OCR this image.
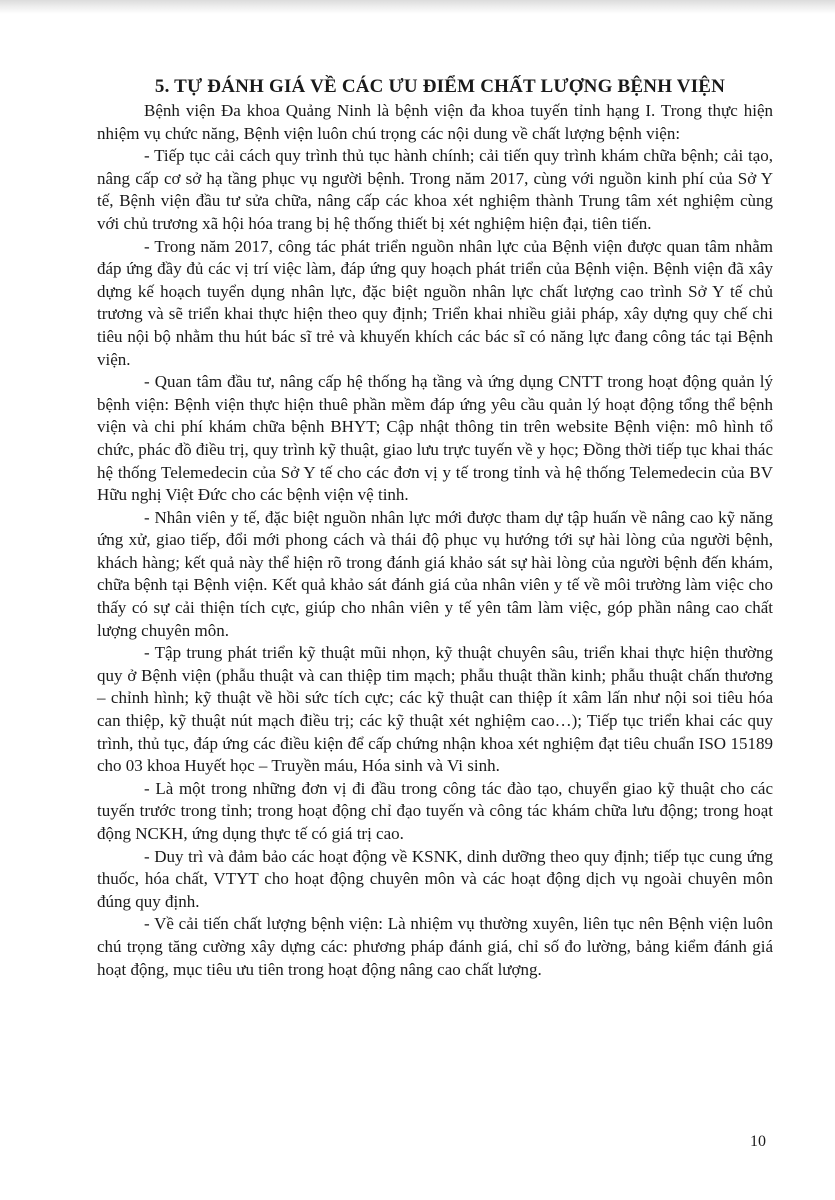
5. TỰ ĐÁNH GIÁ VỀ CÁC ƯU ĐIỂM CHẤT LƯỢNG BỆNH VIỆN

Bệnh viện Đa khoa Quảng Ninh là bệnh viện đa khoa tuyến tỉnh hạng I. Trong thực hiện nhiệm vụ chức năng, Bệnh viện luôn chú trọng các nội dung về chất lượng bệnh viện:

- Tiếp tục cải cách quy trình thủ tục hành chính; cải tiến quy trình khám chữa bệnh; cải tạo, nâng cấp cơ sở hạ tầng phục vụ người bệnh. Trong năm 2017, cùng với nguồn kinh phí của Sở Y tế, Bệnh viện đầu tư sửa chữa, nâng cấp các khoa xét nghiệm thành Trung tâm xét nghiệm cùng với chủ trương xã hội hóa trang bị hệ thống thiết bị xét nghiệm hiện đại, tiên tiến.

- Trong năm 2017, công tác phát triển nguồn nhân lực của Bệnh viện được quan tâm nhằm đáp ứng đầy đủ các vị trí việc làm, đáp ứng quy hoạch phát triển của Bệnh viện. Bệnh viện đã xây dựng kế hoạch tuyển dụng nhân lực, đặc biệt nguồn nhân lực chất lượng cao trình Sở Y tế chủ trương và sẽ triển khai thực hiện theo quy định; Triển khai nhiều giải pháp, xây dựng quy chế chi tiêu nội bộ nhằm thu hút bác sĩ trẻ và khuyến khích các bác sĩ có năng lực đang công tác tại Bệnh viện.

- Quan tâm đầu tư, nâng cấp hệ thống hạ tầng và ứng dụng CNTT trong hoạt động quản lý bệnh viện: Bệnh viện thực hiện thuê phần mềm đáp ứng yêu cầu quản lý hoạt động tổng thể bệnh viện và chi phí khám chữa bệnh BHYT; Cập nhật thông tin trên website Bệnh viện: mô hình tổ chức, phác đồ điều trị, quy trình kỹ thuật, giao lưu trực tuyến về y học; Đồng thời tiếp tục khai thác hệ thống Telemedecin của Sở Y tế cho các đơn vị y tế trong tỉnh và hệ thống Telemedecin của BV Hữu nghị Việt Đức cho các bệnh viện vệ tinh.

- Nhân viên y tế, đặc biệt nguồn nhân lực mới được tham dự tập huấn về nâng cao kỹ năng ứng xử, giao tiếp, đổi mới phong cách và thái độ phục vụ hướng tới sự hài lòng của người bệnh, khách hàng; kết quả này thể hiện rõ trong đánh giá khảo sát sự hài lòng của người bệnh đến khám, chữa bệnh tại Bệnh viện. Kết quả khảo sát đánh giá của nhân viên y tế về môi trường làm việc cho thấy có sự cải thiện tích cực, giúp cho nhân viên y tế yên tâm làm việc, góp phần nâng cao chất lượng chuyên môn.

- Tập trung phát triển kỹ thuật mũi nhọn, kỹ thuật chuyên sâu, triển khai thực hiện thường quy ở Bệnh viện (phẫu thuật và can thiệp tim mạch; phẫu thuật thần kinh; phẫu thuật chấn thương – chỉnh hình; kỹ thuật về hồi sức tích cực; các kỹ thuật can thiệp ít xâm lấn như nội soi tiêu hóa can thiệp, kỹ thuật nút mạch điều trị; các kỹ thuật xét nghiệm cao…); Tiếp tục triển khai các quy trình, thủ tục, đáp ứng các điều kiện để cấp chứng nhận khoa xét nghiệm đạt tiêu chuẩn ISO 15189 cho 03 khoa Huyết học – Truyền máu, Hóa sinh và Vi sinh.

- Là một trong những đơn vị đi đầu trong công tác đào tạo, chuyển giao kỹ thuật cho các tuyến trước trong tỉnh; trong hoạt động chỉ đạo tuyến và công tác khám chữa lưu động; trong hoạt động NCKH, ứng dụng thực tế có giá trị cao.

- Duy trì và đảm bảo các hoạt động về KSNK, dinh dưỡng theo quy định; tiếp tục cung ứng thuốc, hóa chất, VTYT cho hoạt động chuyên môn và các hoạt động dịch vụ ngoài chuyên môn đúng quy định.

- Về cải tiến chất lượng bệnh viện: Là nhiệm vụ thường xuyên, liên tục nên Bệnh viện luôn chú trọng tăng cường xây dựng các: phương pháp đánh giá, chỉ số đo lường, bảng kiểm đánh giá hoạt động, mục tiêu ưu tiên trong hoạt động nâng cao chất lượng.

10
